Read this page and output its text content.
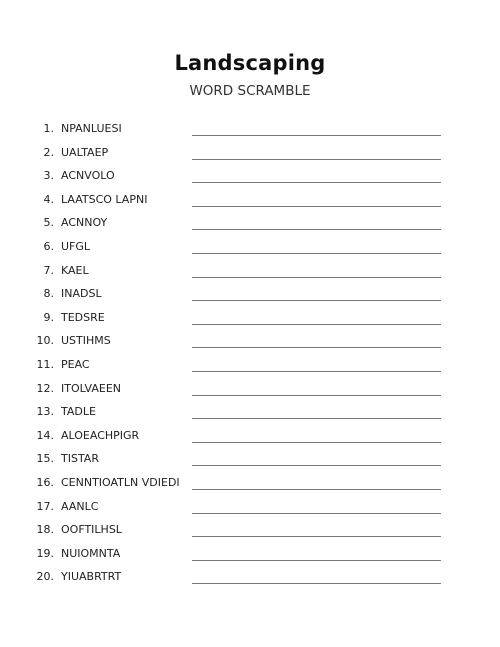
Landscaping
WORD SCRAMBLE
1. NPANLUESI
2. UALTAEP
3. ACNVOLO
4. LAATSCO LAPNI
5. ACNNOY
6. UFGL
7. KAEL
8. INADSL
9. TEDSRE
10. USTIHMS
11. PEAC
12. ITOLVAEEN
13. TADLE
14. ALOEACHPIGR
15. TISTAR
16. CENNTIOATLN VDIEDI
17. AANLC
18. OOFTILHSL
19. NUIOMNTA
20. YIUABRTRT
